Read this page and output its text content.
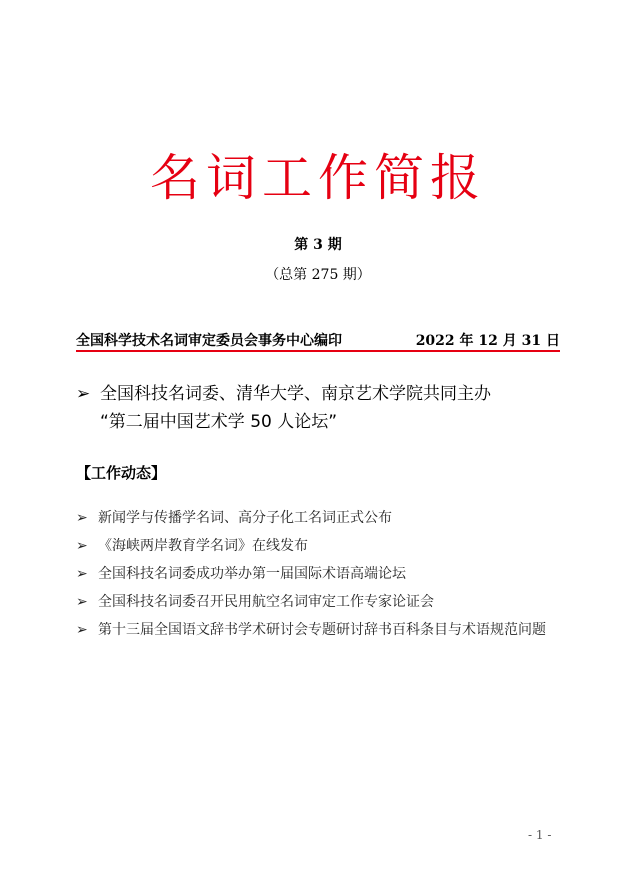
名词工作简报
第 3 期
（总第 275 期）
全国科学技术名词审定委员会事务中心编印	2022 年 12 月 31 日
➢ 全国科技名词委、清华大学、南京艺术学院共同主办
“第二届中国艺术学 50 人论坛”
【工作动态】
➢ 新闻学与传播学名词、高分子化工名词正式公布
➢ 《海峡两岸教育学名词》在线发布
➢ 全国科技名词委成功举办第一届国际术语高端论坛
➢ 全国科技名词委召开民用航空名词审定工作专家论证会
➢ 第十三届全国语文辞书学术研讨会专题研讨辞书百科条目与术语规范问题
- 1 -
